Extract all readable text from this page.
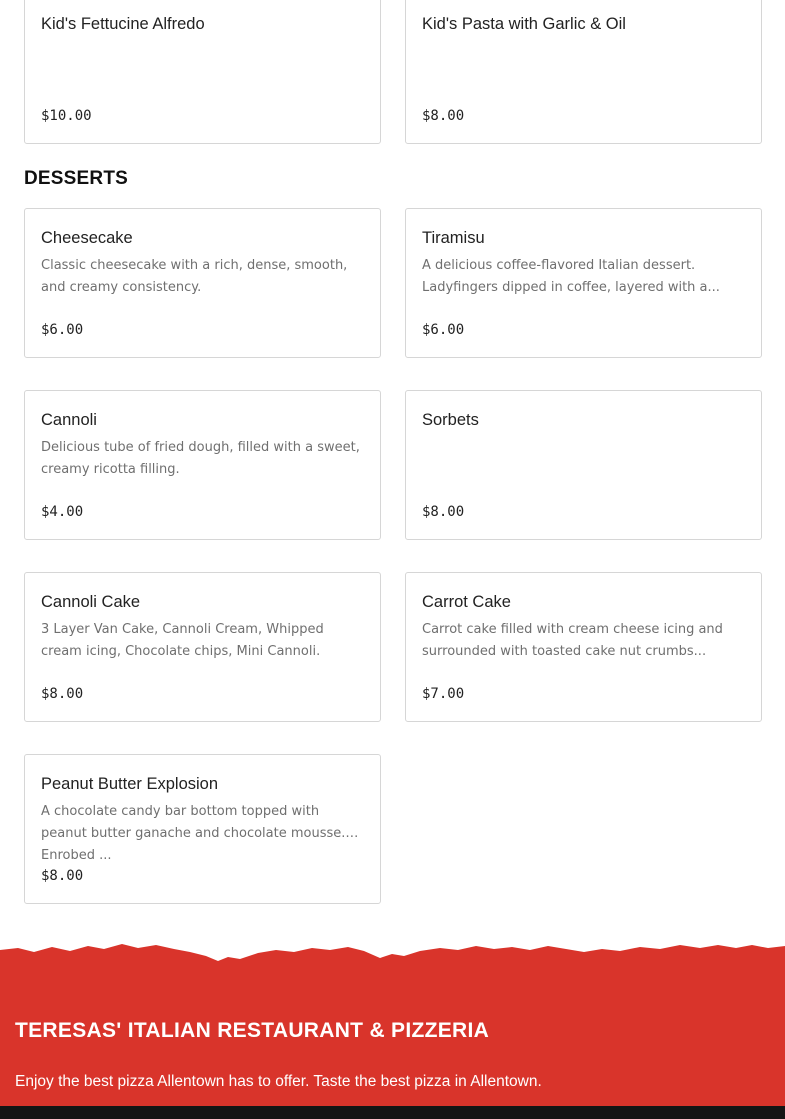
Kid's Fettucine Alfredo
$10.00
Kid's Pasta with Garlic & Oil
$8.00
DESSERTS
Cheesecake
Classic cheesecake with a rich, dense, smooth, and creamy consistency.
$6.00
Tiramisu
A delicious coffee-flavored Italian dessert. Ladyfingers dipped in coffee, layered with a...
$6.00
Cannoli
Delicious tube of fried dough, filled with a sweet, creamy ricotta filling.
$4.00
Sorbets
$8.00
Cannoli Cake
3 Layer Van Cake, Cannoli Cream, Whipped cream icing, Chocolate chips, Mini Cannoli.
$8.00
Carrot Cake
Carrot cake filled with cream cheese icing and surrounded with toasted cake nut crumbs...
$7.00
Peanut Butter Explosion
A chocolate candy bar bottom topped with peanut butter ganache and chocolate mousse. Enrobed ...
$8.00
TERESAS' ITALIAN RESTAURANT & PIZZERIA
Enjoy the best pizza Allentown has to offer. Taste the best pizza in Allentown.
